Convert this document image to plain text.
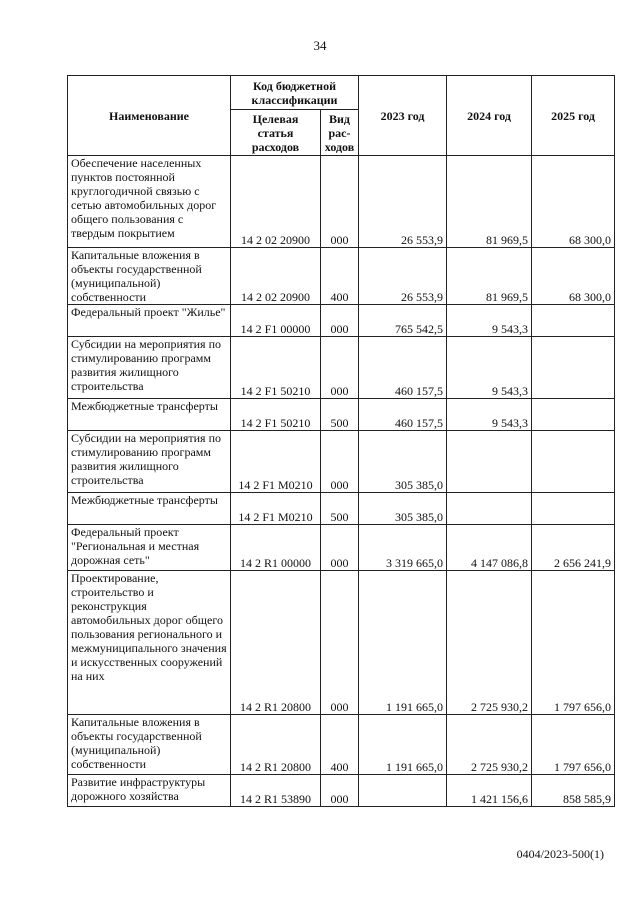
34
Наименование	Код бюджетной классификации		2023 год	2024 год	2025 год
	Целевая статья расходов	Вид рас-ходов			
Обеспечение населенных пунктов постоянной круглогодичной связью с сетью автомобильных дорог общего пользования с твердым покрытием	14 2 02 20900	000	26 553,9	81 969,5	68 300,0
Капитальные вложения в объекты государственной (муниципальной) собственности	14 2 02 20900	400	26 553,9	81 969,5	68 300,0
Федеральный проект "Жилье"	14 2 F1 00000	000	765 542,5	9 543,3	
Субсидии на мероприятия по стимулированию программ развития жилищного строительства	14 2 F1 50210	000	460 157,5	9 543,3	
Межбюджетные трансферты	14 2 F1 50210	500	460 157,5	9 543,3	
Субсидии на мероприятия по стимулированию программ развития жилищного строительства	14 2 F1 M0210	000	305 385,0		
Межбюджетные трансферты	14 2 F1 M0210	500	305 385,0		
Федеральный проект "Региональная и местная дорожная сеть"	14 2 R1 00000	000	3 319 665,0	4 147 086,8	2 656 241,9
Проектирование, строительство и реконструкция автомобильных дорог общего пользования регионального и межмуниципального значения и искусственных сооружений на них	14 2 R1 20800	000	1 191 665,0	2 725 930,2	1 797 656,0
Капитальные вложения в объекты государственной (муниципальной) собственности	14 2 R1 20800	400	1 191 665,0	2 725 930,2	1 797 656,0
Развитие инфраструктуры дорожного хозяйства	14 2 R1 53890	000		1 421 156,6	858 585,9
0404/2023-500(1)
